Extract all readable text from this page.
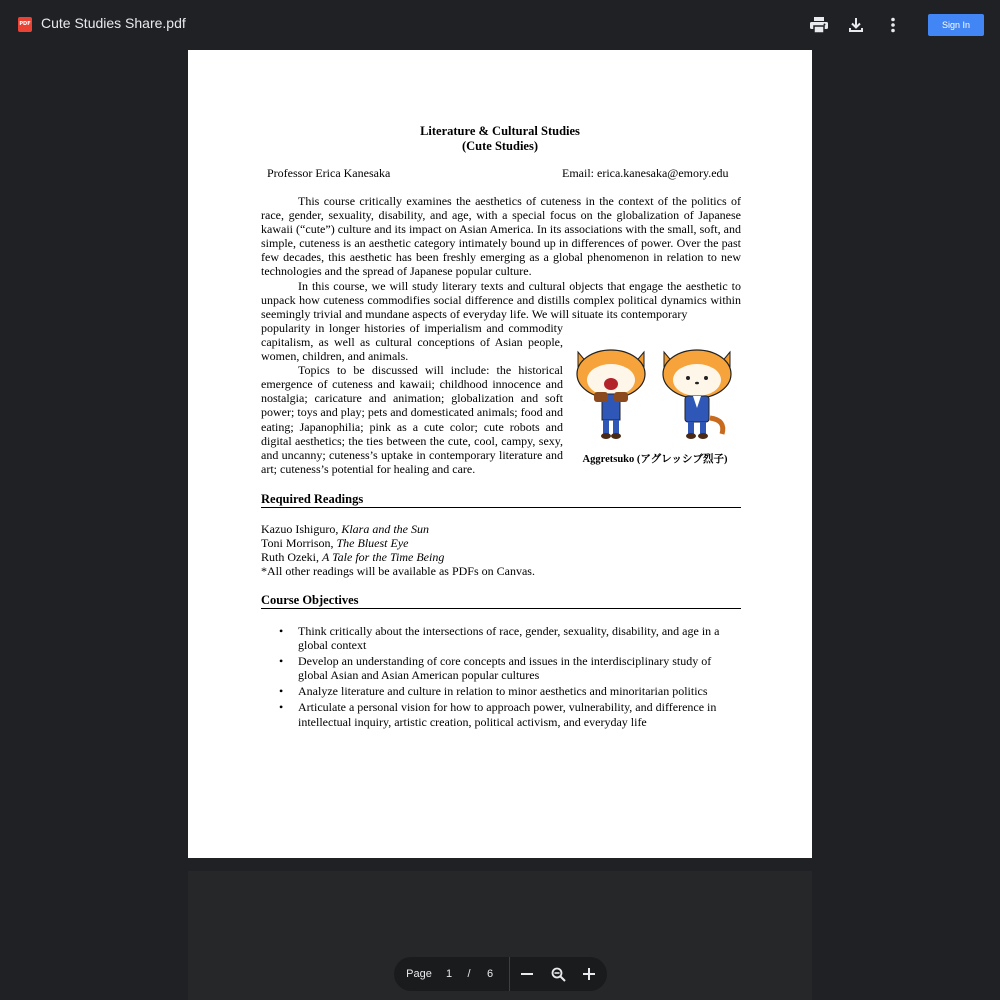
PDF Cute Studies Share.pdf	Sign In
Literature & Cultural Studies
(Cute Studies)
Professor Erica Kanesaka	Email: erica.kanesaka@emory.edu

This course critically examines the aesthetics of cuteness in the context of the politics of race, gender, sexuality, disability, and age, with a special focus on the globalization of Japanese kawaii (“cute”) culture and its impact on Asian America. In its associations with the small, soft, and simple, cuteness is an aesthetic category intimately bound up in differences of power. Over the past few decades, this aesthetic has been freshly emerging as a global phenomenon in relation to new technologies and the spread of Japanese popular culture.

In this course, we will study literary texts and cultural objects that engage the aesthetic to unpack how cuteness commodifies social difference and distills complex political dynamics within seemingly trivial and mundane aspects of everyday life. We will situate its contemporary

popularity in longer histories of imperialism and commodity capitalism, as well as cultural conceptions of Asian people, women, children, and animals.

Topics to be discussed will include: the historical emergence of cuteness and kawaii; childhood innocence and nostalgia; caricature and animation; globalization and soft power; toys and play; pets and domesticated animals; food and eating; Japanophilia; pink as a cute color; cute robots and digital aesthetics; the ties between the cute, cool, campy, sexy, and uncanny; cuteness’s uptake in contemporary literature and art; cuteness’s potential for healing and care.

Aggretsuko (アグレッシブ烈子)
Required Readings
Kazuo Ishiguro, Klara and the Sun
Toni Morrison, The Bluest Eye
Ruth Ozeki, A Tale for the Time Being
*All other readings will be available as PDFs on Canvas.
Course Objectives
• Think critically about the intersections of race, gender, sexuality, disability, and age in a global context
• Develop an understanding of core concepts and issues in the interdisciplinary study of global Asian and Asian American popular cultures
• Analyze literature and culture in relation to minor aesthetics and minoritarian politics
• Articulate a personal vision for how to approach power, vulnerability, and difference in intellectual inquiry, artistic creation, political activism, and everyday life
Page	1	/	6
